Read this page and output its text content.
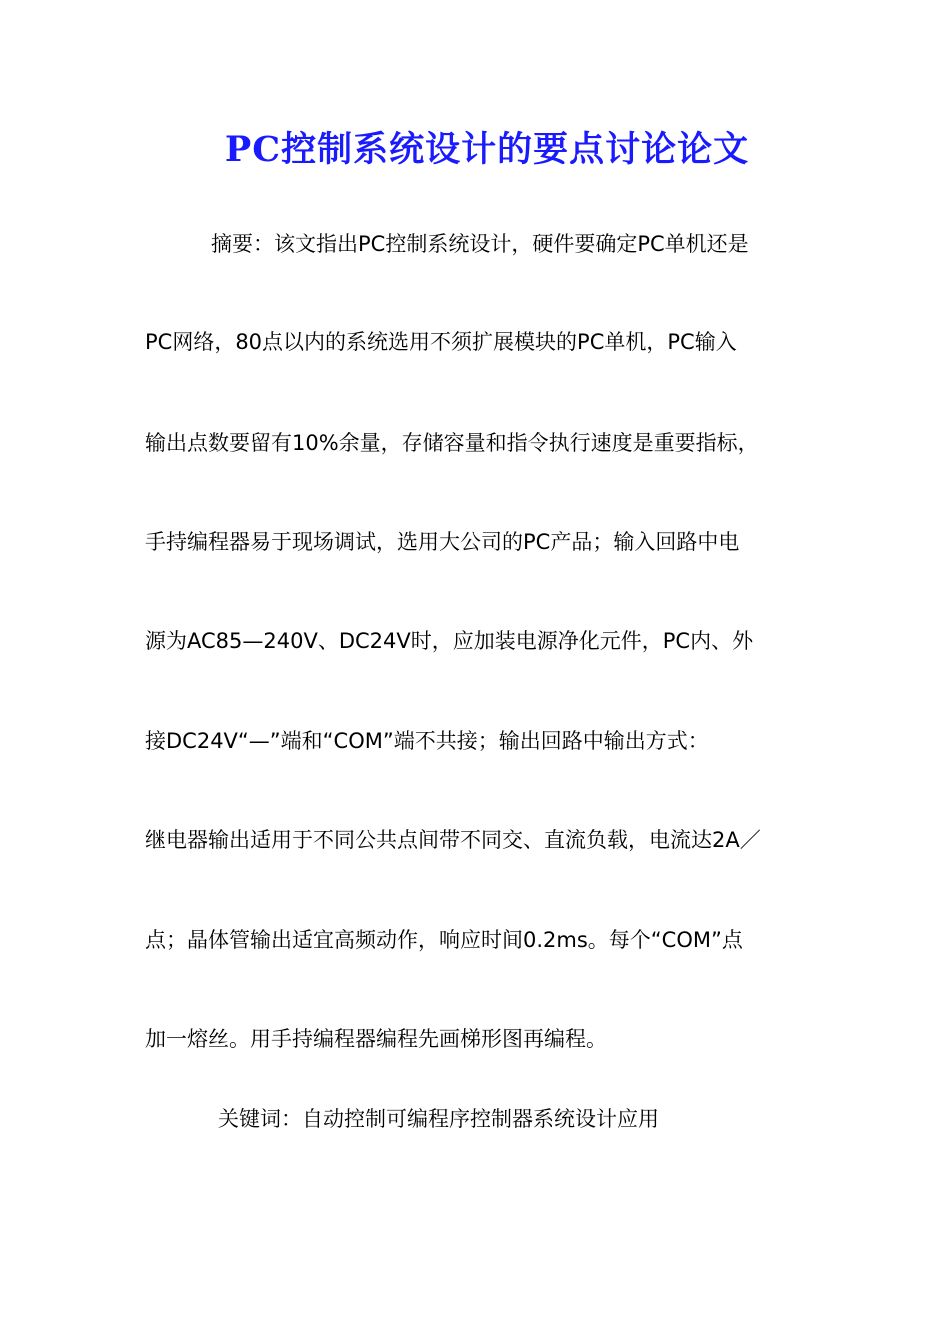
PC控制系统设计的要点讨论论文

摘要：该文指出PC控制系统设计，硬件要确定PC单机还是

PC网络，80点以内的系统选用不须扩展模块的PC单机，PC输入

输出点数要留有10%余量，存储容量和指令执行速度是重要指标，

手持编程器易于现场调试，选用大公司的PC产品；输入回路中电

源为AC85—240V、DC24V时，应加装电源净化元件，PC内、外

接DC24V“—”端和“COM”端不共接；输出回路中输出方式：

继电器输出适用于不同公共点间带不同交、直流负载，电流达2A／

点；晶体管输出适宜高频动作，响应时间0.2ms。每个“COM”点

加一熔丝。用手持编程器编程先画梯形图再编程。

关键词：自动控制可编程序控制器系统设计应用
